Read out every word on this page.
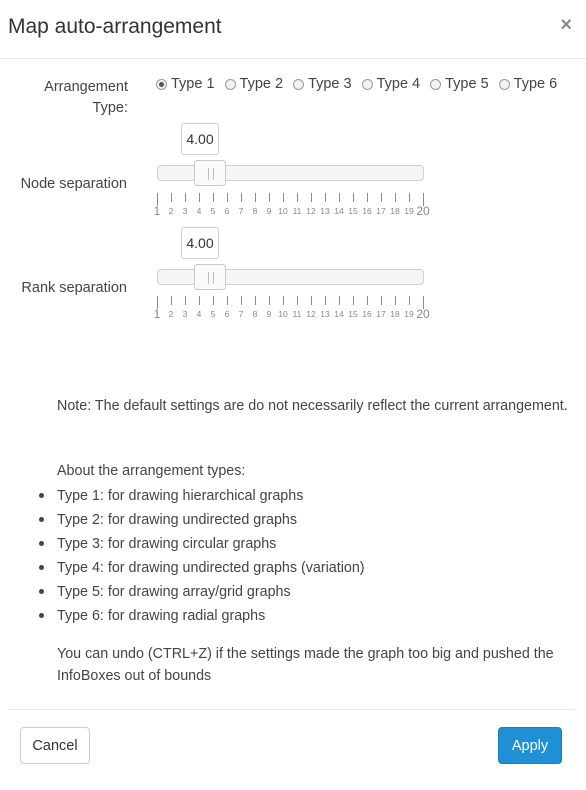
Map auto-arrangement	×
Arrangement
Type:
Type 1 Type 2 Type 3 Type 4 Type 5 Type 6
4.00
Node separation
1 2 3 4 5 6 7 8 9 10 11 12 13 14 15 16 17 18 19 20
4.00
Rank separation
1 2 3 4 5 6 7 8 9 10 11 12 13 14 15 16 17 18 19 20
Note: The default settings are do not necessarily reflect the current arrangement.
About the arrangement types:
Type 1: for drawing hierarchical graphs
Type 2: for drawing undirected graphs
Type 3: for drawing circular graphs
Type 4: for drawing undirected graphs (variation)
Type 5: for drawing array/grid graphs
Type 6: for drawing radial graphs
You can undo (CTRL+Z) if the settings made the graph too big and pushed the InfoBoxes out of bounds
Cancel	Apply
